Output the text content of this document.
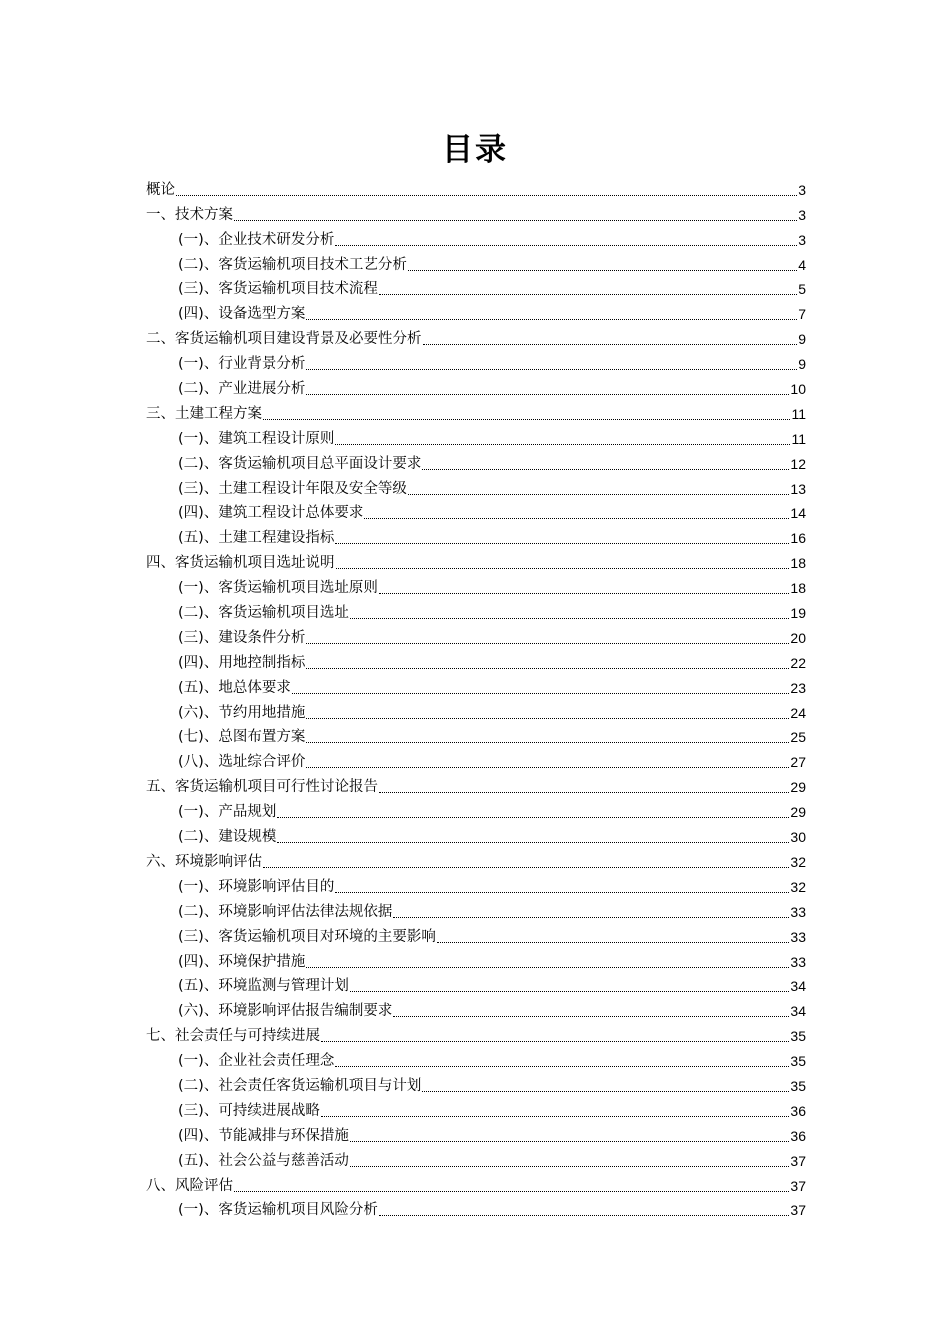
目录
概论	3
一、技术方案	3
(一)、企业技术研发分析	3
(二)、客货运输机项目技术工艺分析	4
(三)、客货运输机项目技术流程	5
(四)、设备选型方案	7
二、客货运输机项目建设背景及必要性分析	9
(一)、行业背景分析	9
(二)、产业进展分析	10
三、土建工程方案	11
(一)、建筑工程设计原则	11
(二)、客货运输机项目总平面设计要求	12
(三)、土建工程设计年限及安全等级	13
(四)、建筑工程设计总体要求	14
(五)、土建工程建设指标	16
四、客货运输机项目选址说明	18
(一)、客货运输机项目选址原则	18
(二)、客货运输机项目选址	19
(三)、建设条件分析	20
(四)、用地控制指标	22
(五)、地总体要求	23
(六)、节约用地措施	24
(七)、总图布置方案	25
(八)、选址综合评价	27
五、客货运输机项目可行性讨论报告	29
(一)、产品规划	29
(二)、建设规模	30
六、环境影响评估	32
(一)、环境影响评估目的	32
(二)、环境影响评估法律法规依据	33
(三)、客货运输机项目对环境的主要影响	33
(四)、环境保护措施	33
(五)、环境监测与管理计划	34
(六)、环境影响评估报告编制要求	34
七、社会责任与可持续进展	35
(一)、企业社会责任理念	35
(二)、社会责任客货运输机项目与计划	35
(三)、可持续进展战略	36
(四)、节能减排与环保措施	36
(五)、社会公益与慈善活动	37
八、风险评估	37
(一)、客货运输机项目风险分析	37
